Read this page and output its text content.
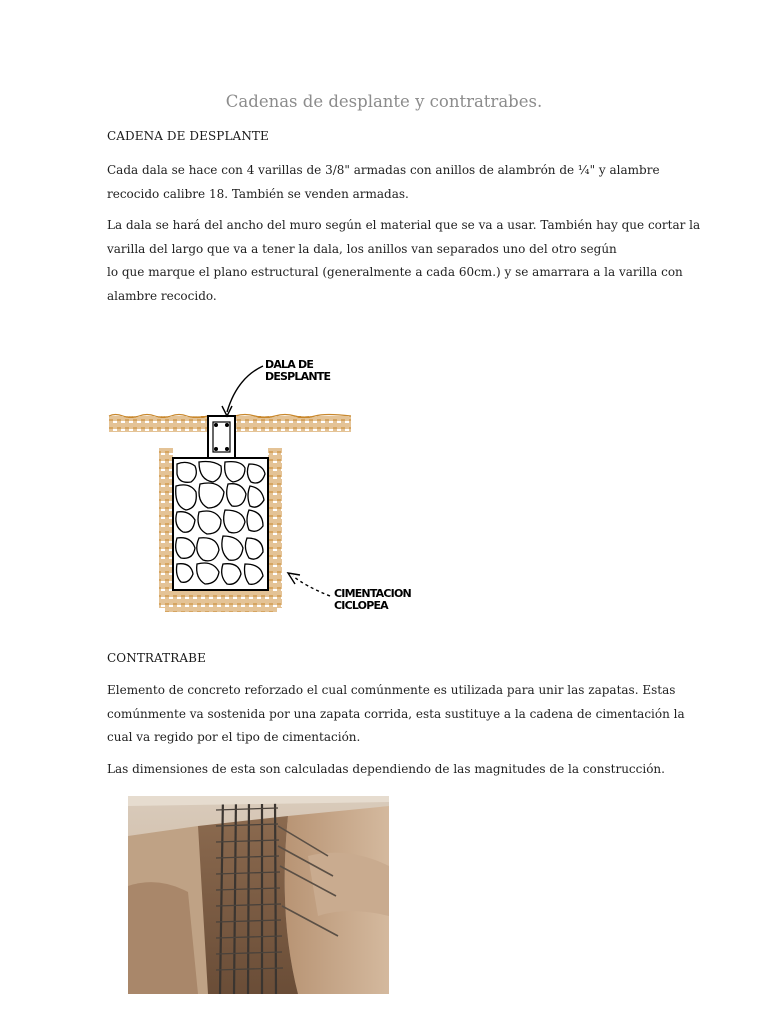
Cadenas de desplante y contratrabes.
CADENA DE DESPLANTE
Cada dala se hace con 4 varillas de 3/8" armadas con anillos de alambrón de ¼" y alambre
recocido calibre 18. También se venden armadas.
La dala se hará del ancho del muro según el material que se va a usar. También hay que cortar la
varilla del largo que va a tener la dala, los anillos van separados uno del otro según
lo que marque el plano estructural (generalmente a cada 60cm.) y se amarrara a la varilla con
alambre recocido.
DALA DE
DESPLANTE
CIMENTACION
CICLOPEA
CONTRATRABE
Elemento de concreto reforzado el cual comúnmente es utilizada para unir las zapatas. Estas
comúnmente va sostenida por una zapata corrida, esta sustituye a la cadena de cimentación la
cual va regido por el tipo de cimentación.
Las dimensiones de esta son calculadas dependiendo de las magnitudes de la construcción.
